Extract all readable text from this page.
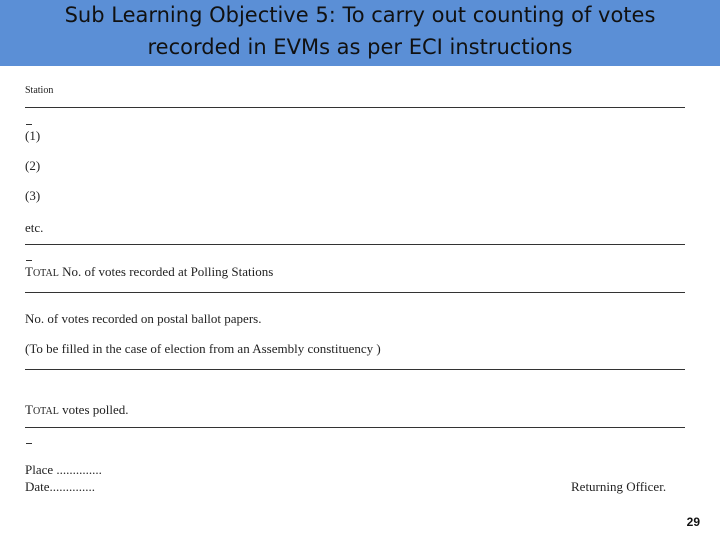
Sub Learning Objective 5: To carry out counting of votes
recorded in EVMs as per ECI instructions
Station
(1)
(2)
(3)
etc.
TOTAL No. of votes recorded at Polling Stations
No. of votes recorded on postal ballot papers.
(To be filled in the case of election from an Assembly constituency )
TOTAL votes polled.
Place ..............
Date..............	Returning Officer.
29
